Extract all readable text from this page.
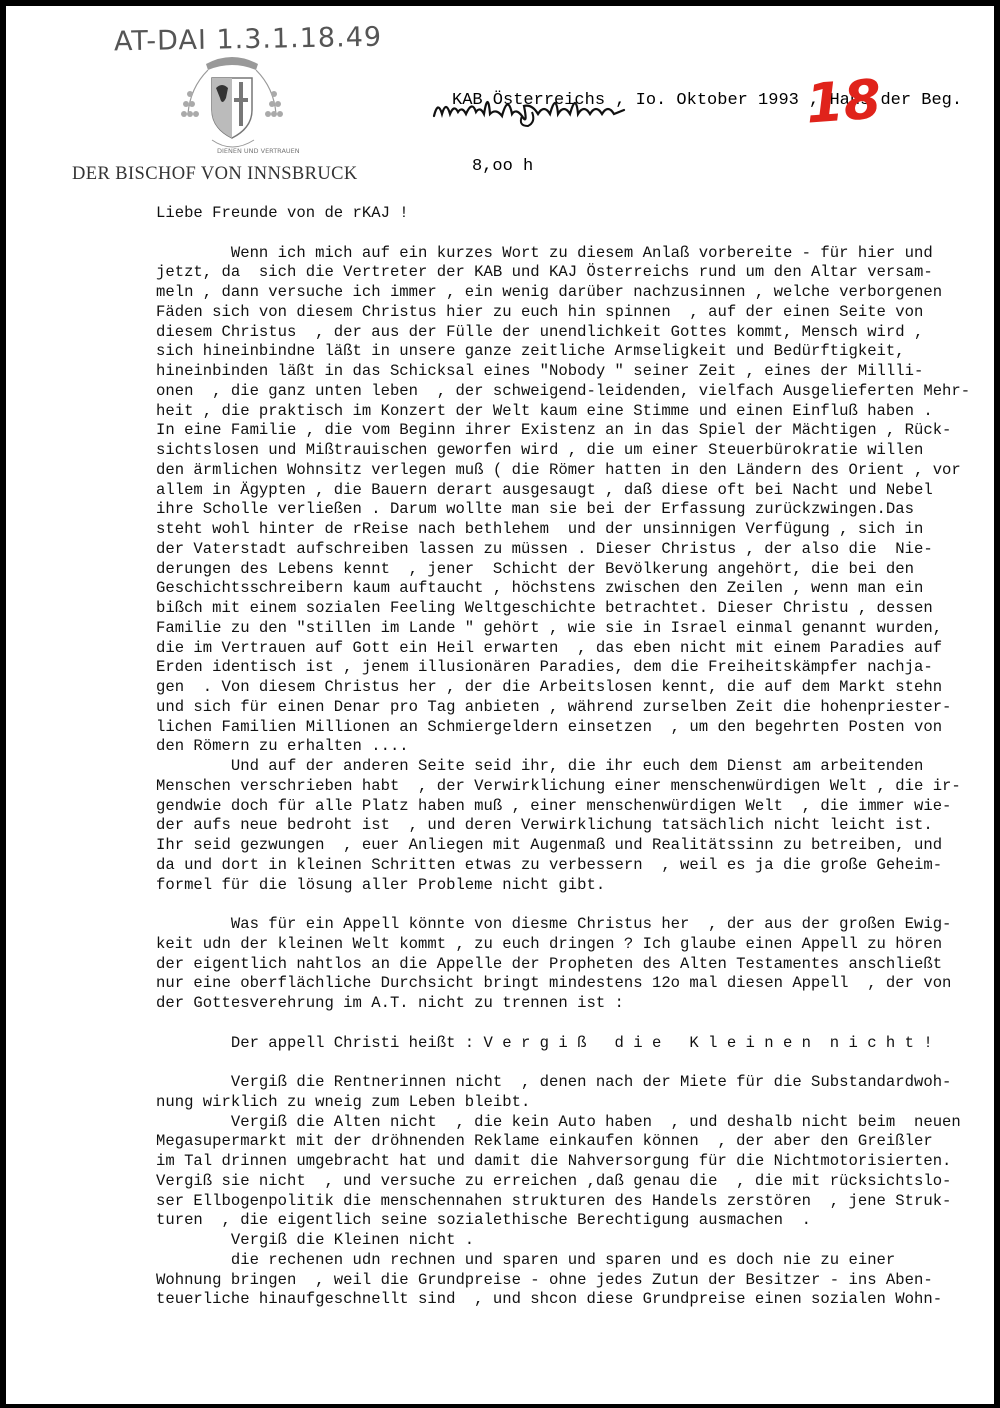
AT-DAI 1.3.1.18.49
DIENEN UND VERTRAUEN
DER BISCHOF VON INNSBRUCK

KAB Österreichs , Io. Oktober 1993 , Haus der Beg.

8,oo h

nicht gehalten	18

Liebe Freunde von de rKAJ !

Wenn ich mich auf ein kurzes Wort zu diesem Anlaß vorbereite - für hier und

jetzt, da  sich die Vertreter der KAB und KAJ Österreichs rund um den Altar versam-

meln , dann versuche ich immer , ein wenig darüber nachzusinnen , welche verborgenen

Fäden sich von diesem Christus hier zu euch hin spinnen  , auf der einen Seite von

diesem Christus  , der aus der Fülle der unendlichkeit Gottes kommt, Mensch wird ,

sich hineinbindne läßt in unsere ganze zeitliche Armseligkeit und Bedürftigkeit,

hineinbinden läßt in das Schicksal eines "Nobody " seiner Zeit , eines der Millli-

onen  , die ganz unten leben  , der schweigend-leidenden, vielfach Ausgelieferten Mehr-

heit , die praktisch im Konzert der Welt kaum eine Stimme und einen Einfluß haben .

In eine Familie , die vom Beginn ihrer Existenz an in das Spiel der Mächtigen , Rück-

sichtslosen und Mißtrauischen geworfen wird , die um einer Steuerbürokratie willen

den ärmlichen Wohnsitz verlegen muß ( die Römer hatten in den Ländern des Orient , vor

allem in Ägypten , die Bauern derart ausgesaugt , daß diese oft bei Nacht und Nebel

ihre Scholle verließen . Darum wollte man sie bei der Erfassung zurückzwingen.Das

steht wohl hinter de rReise nach bethlehem  und der unsinnigen Verfügung , sich in

der Vaterstadt aufschreiben lassen zu müssen . Dieser Christus , der also die  Nie-

derungen des Lebens kennt  , jener  Schicht der Bevölkerung angehört, die bei den

Geschichtsschreibern kaum auftaucht , höchstens zwischen den Zeilen , wenn man ein

bißch mit einem sozialen Feeling Weltgeschichte betrachtet. Dieser Christu , dessen

Familie zu den "stillen im Lande " gehört , wie sie in Israel einmal genannt wurden,

die im Vertrauen auf Gott ein Heil erwarten  , das eben nicht mit einem Paradies auf

Erden identisch ist , jenem illusionären Paradies, dem die Freiheitskämpfer nachja-

gen  . Von diesem Christus her , der die Arbeitslosen kennt, die auf dem Markt stehn

und sich für einen Denar pro Tag anbieten , während zurselben Zeit die hohenpriester-

lichen Familien Millionen an Schmiergeldern einsetzen  , um den begehrten Posten von

den Römern zu erhalten ....

Und auf der anderen Seite seid ihr, die ihr euch dem Dienst am arbeitenden

Menschen verschrieben habt  , der Verwirklichung einer menschenwürdigen Welt , die ir-

gendwie doch für alle Platz haben muß , einer menschenwürdigen Welt  , die immer wie-

der aufs neue bedroht ist  , und deren Verwirklichung tatsächlich nicht leicht ist.

Ihr seid gezwungen  , euer Anliegen mit Augenmaß und Realitätssinn zu betreiben, und

da und dort in kleinen Schritten etwas zu verbessern  , weil es ja die große Geheim-

formel für die lösung aller Probleme nicht gibt.

Was für ein Appell könnte von diesme Christus her  , der aus der großen Ewig-

keit udn der kleinen Welt kommt , zu euch dringen ? Ich glaube einen Appell zu hören

der eigentlich nahtlos an die Appelle der Propheten des Alten Testamentes anschließt

nur eine oberflächliche Durchsicht bringt mindestens 12o mal diesen Appell  , der von

der Gottesverehrung im A.T. nicht zu trennen ist :

Der appell Christi heißt : V e r g i ß   d i e   K l e i n e n  n i c h t !

Vergiß die Rentnerinnen nicht  , denen nach der Miete für die Substandardwoh-

nung wirklich zu wneig zum Leben bleibt.

Vergiß die Alten nicht  , die kein Auto haben  , und deshalb nicht beim  neuen

Megasupermarkt mit der dröhnenden Reklame einkaufen können  , der aber den Greißler

im Tal drinnen umgebracht hat und damit die Nahversorgung für die Nichtmotorisierten.

Vergiß sie nicht  , und versuche zu erreichen ,daß genau die  , die mit rücksichtslo-

ser Ellbogenpolitik die menschennahen strukturen des Handels zerstören  , jene Struk-

turen  , die eigentlich seine sozialethische Berechtigung ausmachen  .

Vergiß die Kleinen nicht .

die rechenen udn rechnen und sparen und sparen und es doch nie zu einer

Wohnung bringen  , weil die Grundpreise - ohne jedes Zutun der Besitzer - ins Aben-

teuerliche hinaufgeschnellt sind  , und shcon diese Grundpreise einen sozialen Wohn-
